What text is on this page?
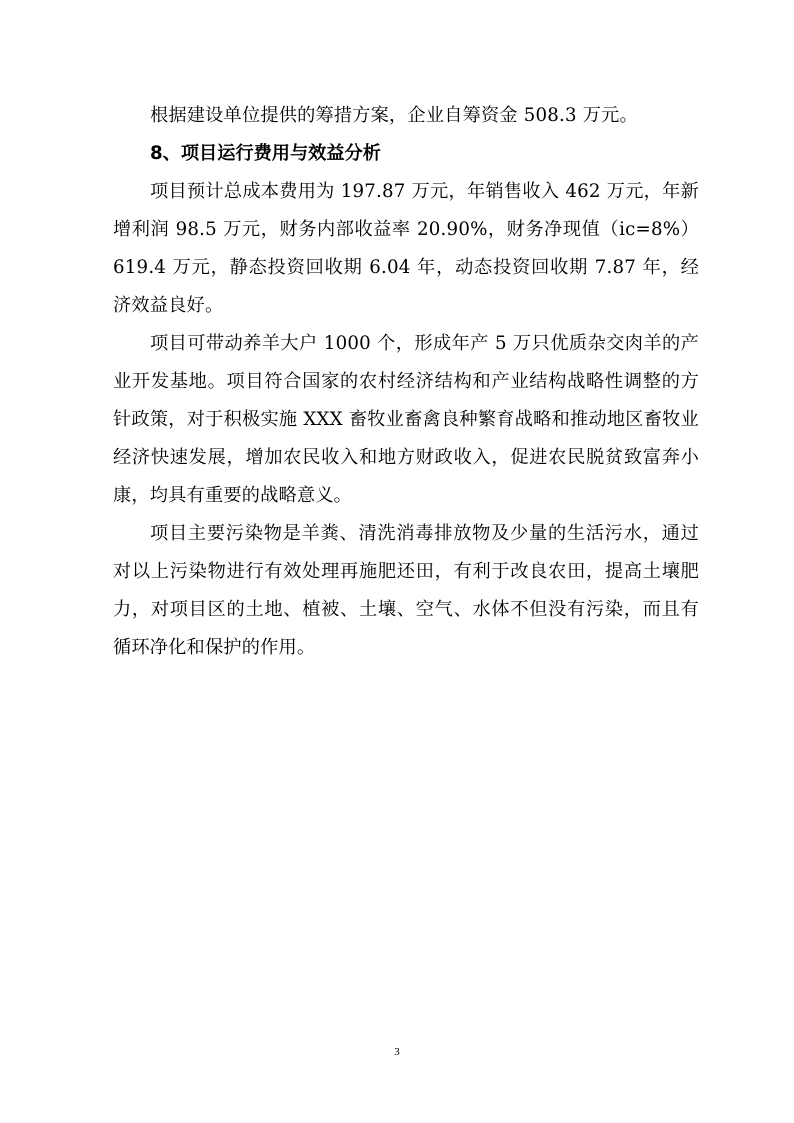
根据建设单位提供的筹措方案，企业自筹资金 508.3 万元。

8、项目运行费用与效益分析

项目预计总成本费用为 197.87 万元，年销售收入 462 万元，年新增利润 98.5 万元，财务内部收益率 20.90%，财务净现值（ic=8%）619.4 万元，静态投资回收期 6.04 年，动态投资回收期 7.87 年，经济效益良好。

项目可带动养羊大户 1000 个，形成年产 5 万只优质杂交肉羊的产业开发基地。项目符合国家的农村经济结构和产业结构战略性调整的方针政策，对于积极实施 XXX 畜牧业畜禽良种繁育战略和推动地区畜牧业经济快速发展，增加农民收入和地方财政收入，促进农民脱贫致富奔小康，均具有重要的战略意义。

项目主要污染物是羊粪、清洗消毒排放物及少量的生活污水，通过对以上污染物进行有效处理再施肥还田，有利于改良农田，提高土壤肥力，对项目区的土地、植被、土壤、空气、水体不但没有污染，而且有循环净化和保护的作用。

3
